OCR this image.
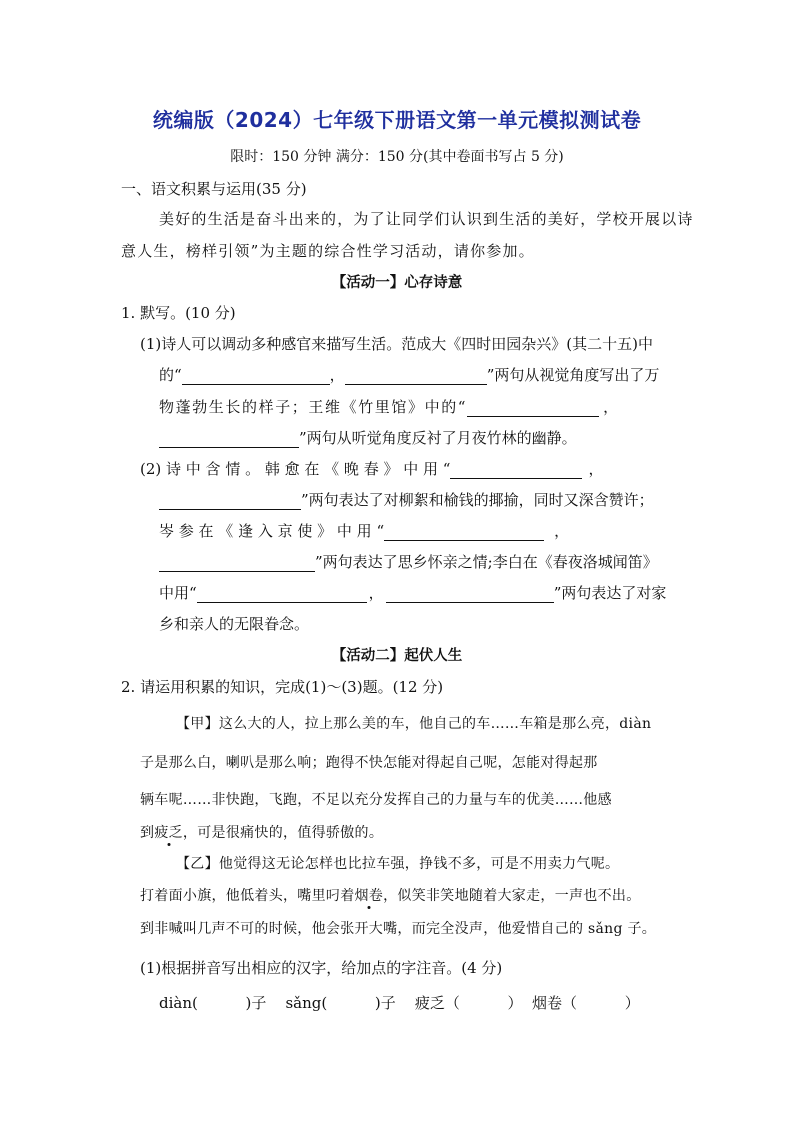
统编版（2024）七年级下册语文第一单元模拟测试卷
限时：150 分钟 满分：150 分(其中卷面书写占 5 分)
一、语文积累与运用(35 分)
美好的生活是奋斗出来的，为了让同学们认识到生活的美好，学校开展以诗
意人生，榜样引领”为主题的综合性学习活动，请你参加。
【活动一】心存诗意
1. 默写。(10 分)
(1)诗人可以调动多种感官来描写生活。范成大《四时田园杂兴》(其二十五)中
的“	，	”两句从视觉角度写出了万
物蓬勃生长的样子；王维《竹里馆》中的“	，
”两句从听觉角度反衬了月夜竹林的幽静。
(2) 诗 中 含 情 。 韩 愈 在 《 晚 春 》 中 用 “	，
”两句表达了对柳絮和榆钱的揶揄，同时又深含赞许；
岑 参 在 《 逢 入 京 使 》 中 用 “	，
”两句表达了思乡怀亲之情;李白在《春夜洛城闻笛》
中用“	，	”两句表达了对家
乡和亲人的无限眷念。
【活动二】起伏人生
2. 请运用积累的知识，完成(1)～(3)题。(12 分)
【甲】这么大的人，拉上那么美的车，他自己的车……车箱是那么亮，diàn
子是那么白，喇叭是那么响；跑得不快怎能对得起自己呢，怎能对得起那
辆车呢……非快跑，飞跑，不足以充分发挥自己的力量与车的优美……他感
到疲乏，可是很痛快的，值得骄傲的。
【乙】他觉得这无论怎样也比拉车强，挣钱不多，可是不用卖力气呢。
打着面小旗，他低着头，嘴里叼着烟卷，似笑非笑地随着大家走，一声也不出。
到非喊叫几声不可的时候，他会张开大嘴，而完全没声，他爱惜自己的 sǎng 子。
(1)根据拼音写出相应的汉字，给加点的字注音。(4 分)
diàn(          )子    sǎng(          )子    疲乏（          ）  烟卷（          ）
